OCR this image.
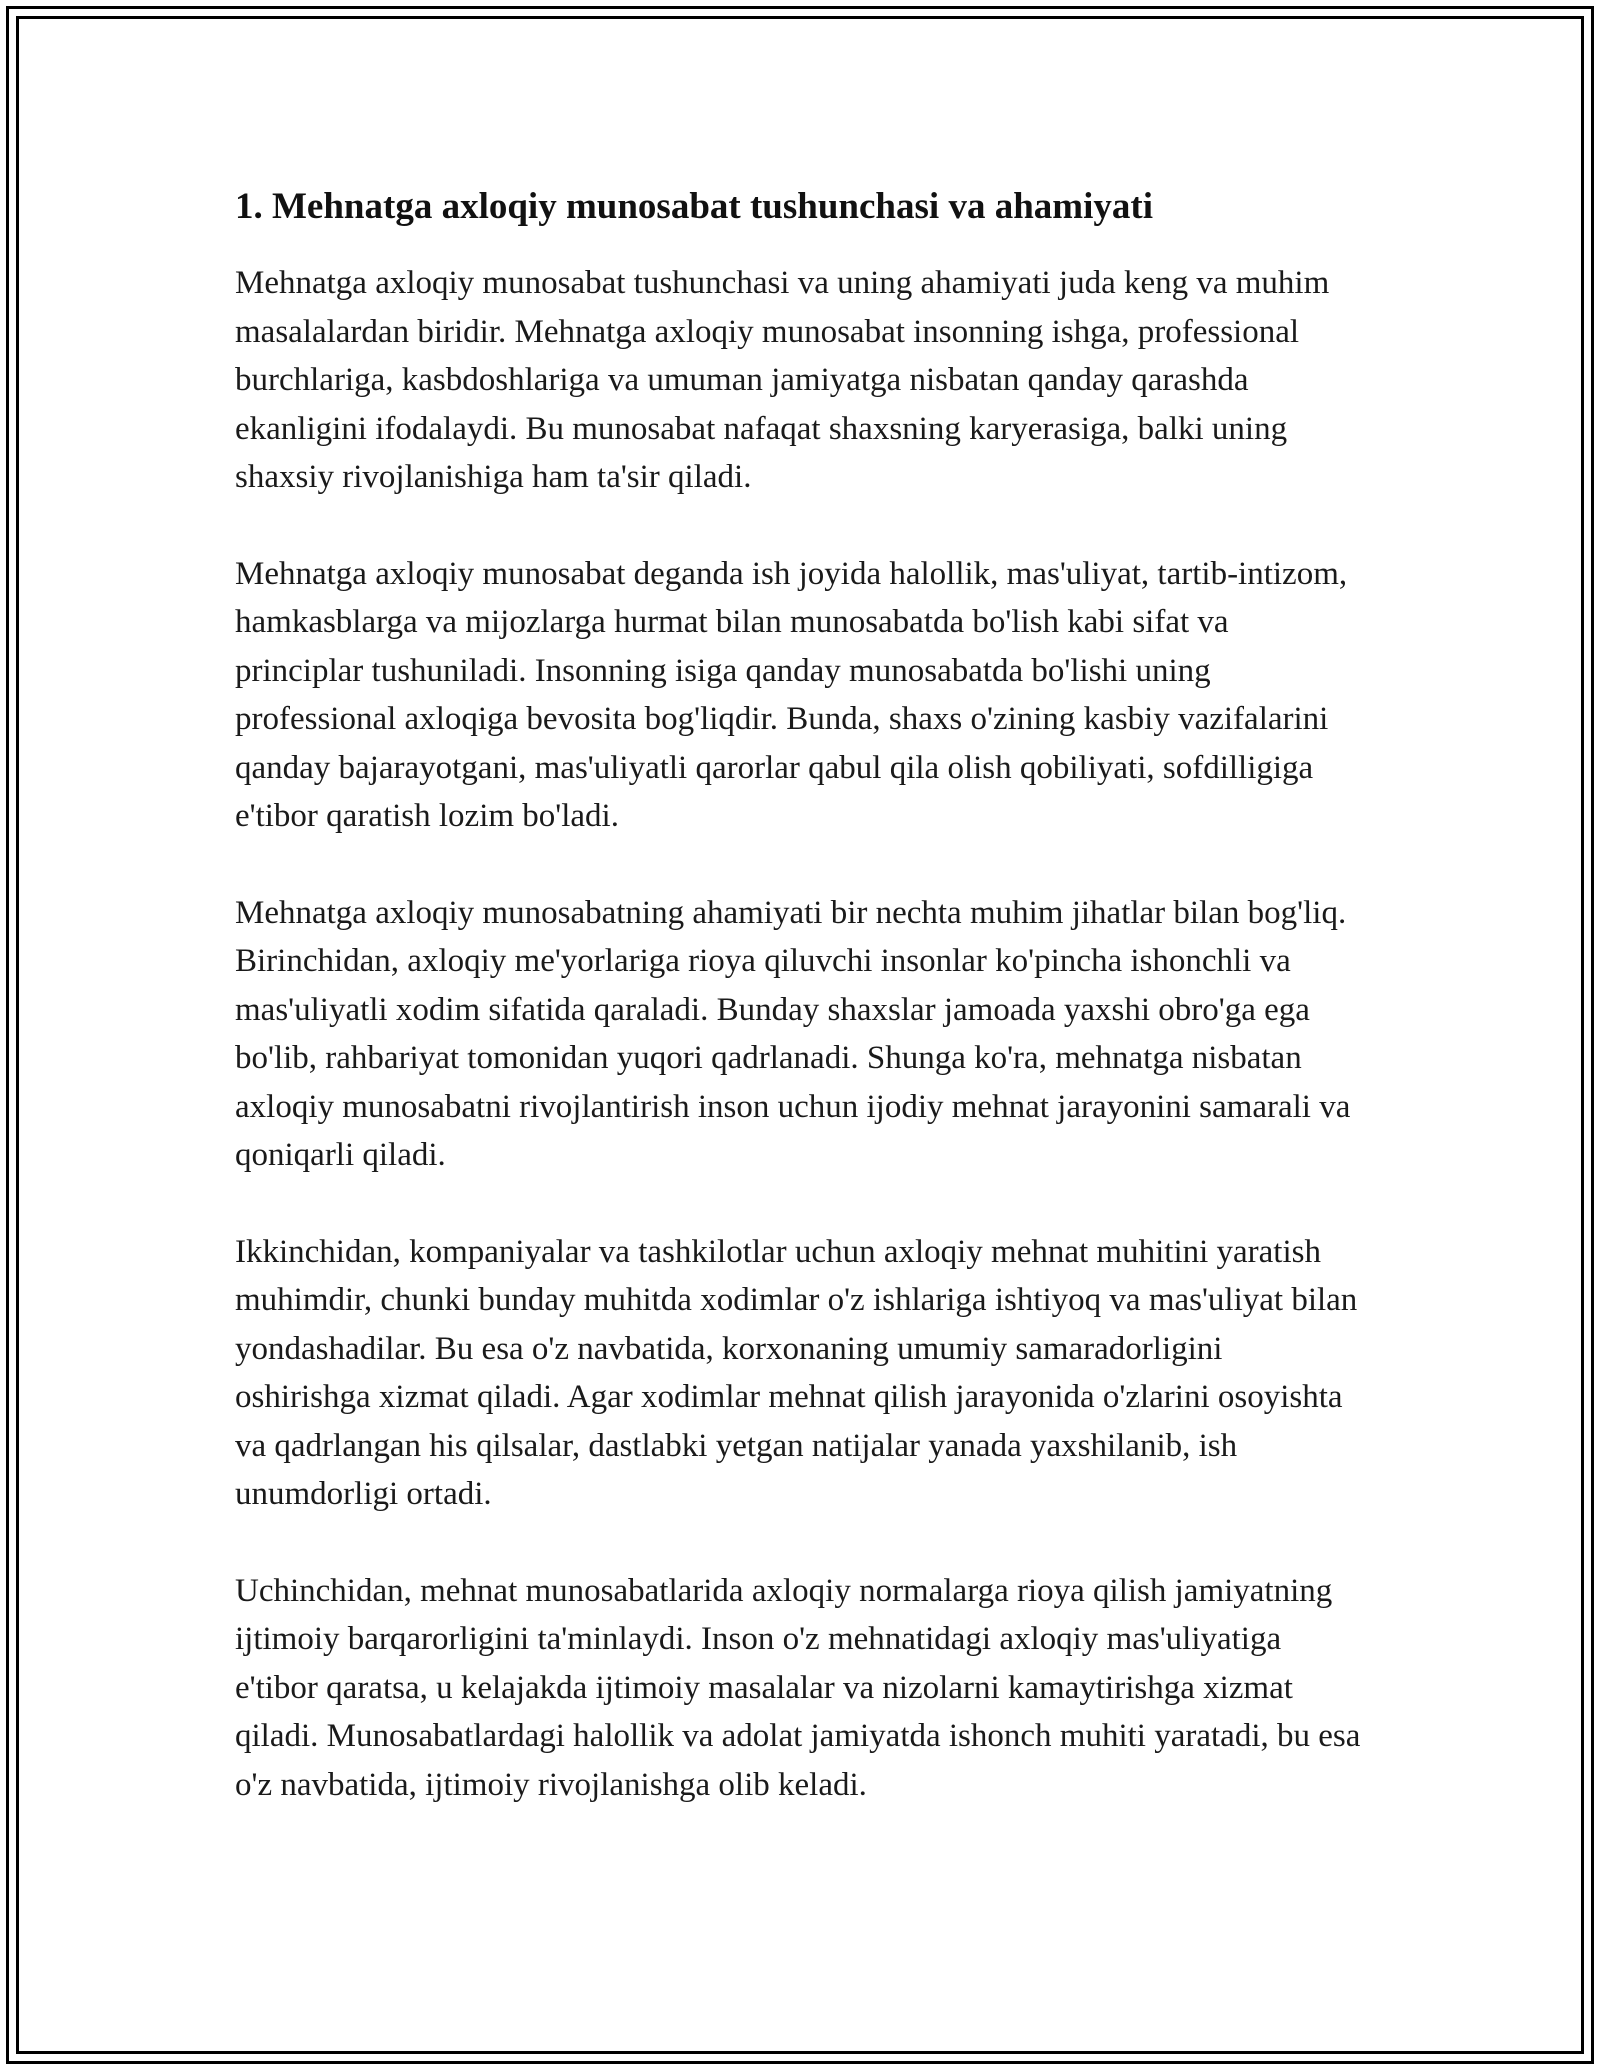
1. Mehnatga axloqiy munosabat tushunchasi va ahamiyati

Mehnatga axloqiy munosabat tushunchasi va uning ahamiyati juda keng va muhim masalalardan biridir. Mehnatga axloqiy munosabat insonning ishga, professional burchlariga, kasbdoshlariga va umuman jamiyatga nisbatan qanday qarashda ekanligini ifodalaydi. Bu munosabat nafaqat shaxsning karyerasiga, balki uning shaxsiy rivojlanishiga ham ta'sir qiladi.

Mehnatga axloqiy munosabat deganda ish joyida halollik, mas'uliyat, tartib-intizom, hamkasblarga va mijozlarga hurmat bilan munosabatda bo'lish kabi sifat va principlar tushuniladi. Insonning isiga qanday munosabatda bo'lishi uning professional axloqiga bevosita bog'liqdir. Bunda, shaxs o'zining kasbiy vazifalarini qanday bajarayotgani, mas'uliyatli qarorlar qabul qila olish qobiliyati, sofdilligiga e'tibor qaratish lozim bo'ladi.

Mehnatga axloqiy munosabatning ahamiyati bir nechta muhim jihatlar bilan bog'liq. Birinchidan, axloqiy me'yorlariga rioya qiluvchi insonlar ko'pincha ishonchli va mas'uliyatli xodim sifatida qaraladi. Bunday shaxslar jamoada yaxshi obro'ga ega bo'lib, rahbariyat tomonidan yuqori qadrlanadi. Shunga ko'ra, mehnatga nisbatan axloqiy munosabatni rivojlantirish inson uchun ijodiy mehnat jarayonini samarali va qoniqarli qiladi.

Ikkinchidan, kompaniyalar va tashkilotlar uchun axloqiy mehnat muhitini yaratish muhimdir, chunki bunday muhitda xodimlar o'z ishlariga ishtiyoq va mas'uliyat bilan yondashadilar. Bu esa o'z navbatida, korxonaning umumiy samaradorligini oshirishga xizmat qiladi. Agar xodimlar mehnat qilish jarayonida o'zlarini osoyishta va qadrlangan his qilsalar, dastlabki yetgan natijalar yanada yaxshilanib, ish unumdorligi ortadi.

Uchinchidan, mehnat munosabatlarida axloqiy normalarga rioya qilish jamiyatning ijtimoiy barqarorligini ta'minlaydi. Inson o'z mehnatidagi axloqiy mas'uliyatiga e'tibor qaratsa, u kelajakda ijtimoiy masalalar va nizolarni kamaytirishga xizmat qiladi. Munosabatlardagi halollik va adolat jamiyatda ishonch muhiti yaratadi, bu esa o'z navbatida, ijtimoiy rivojlanishga olib keladi.
